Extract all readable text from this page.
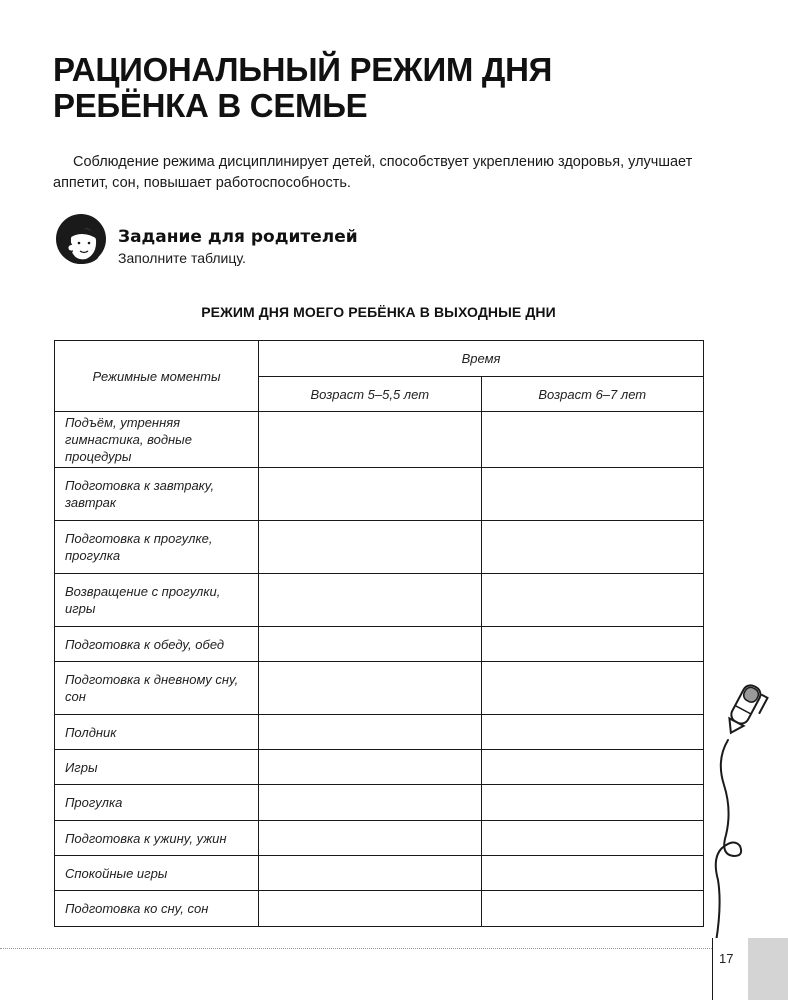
РАЦИОНАЛЬНЫЙ РЕЖИМ ДНЯ
РЕБЁНКА В СЕМЬЕ

Соблюдение режима дисциплинирует детей, способствует укреплению здоровья, улучшает аппетит, сон, повышает работоспособность.

Задание для родителей
Заполните таблицу.
РЕЖИМ ДНЯ МОЕГО РЕБЁНКА В ВЫХОДНЫЕ ДНИ
Режимные моменты	Время	
	Возраст 5–5,5 лет	Возраст 6–7 лет
Подъём, утренняя гимнастика, водные процедуры		
Подготовка к завтраку, завтрак		
Подготовка к прогулке, прогулка		
Возвращение с прогулки, игры		
Подготовка к обеду, обед		
Подготовка к дневному сну, сон		
Полдник		
Игры		
Прогулка		
Подготовка к ужину, ужин		
Спокойные игры		
Подготовка ко сну, сон		
17
